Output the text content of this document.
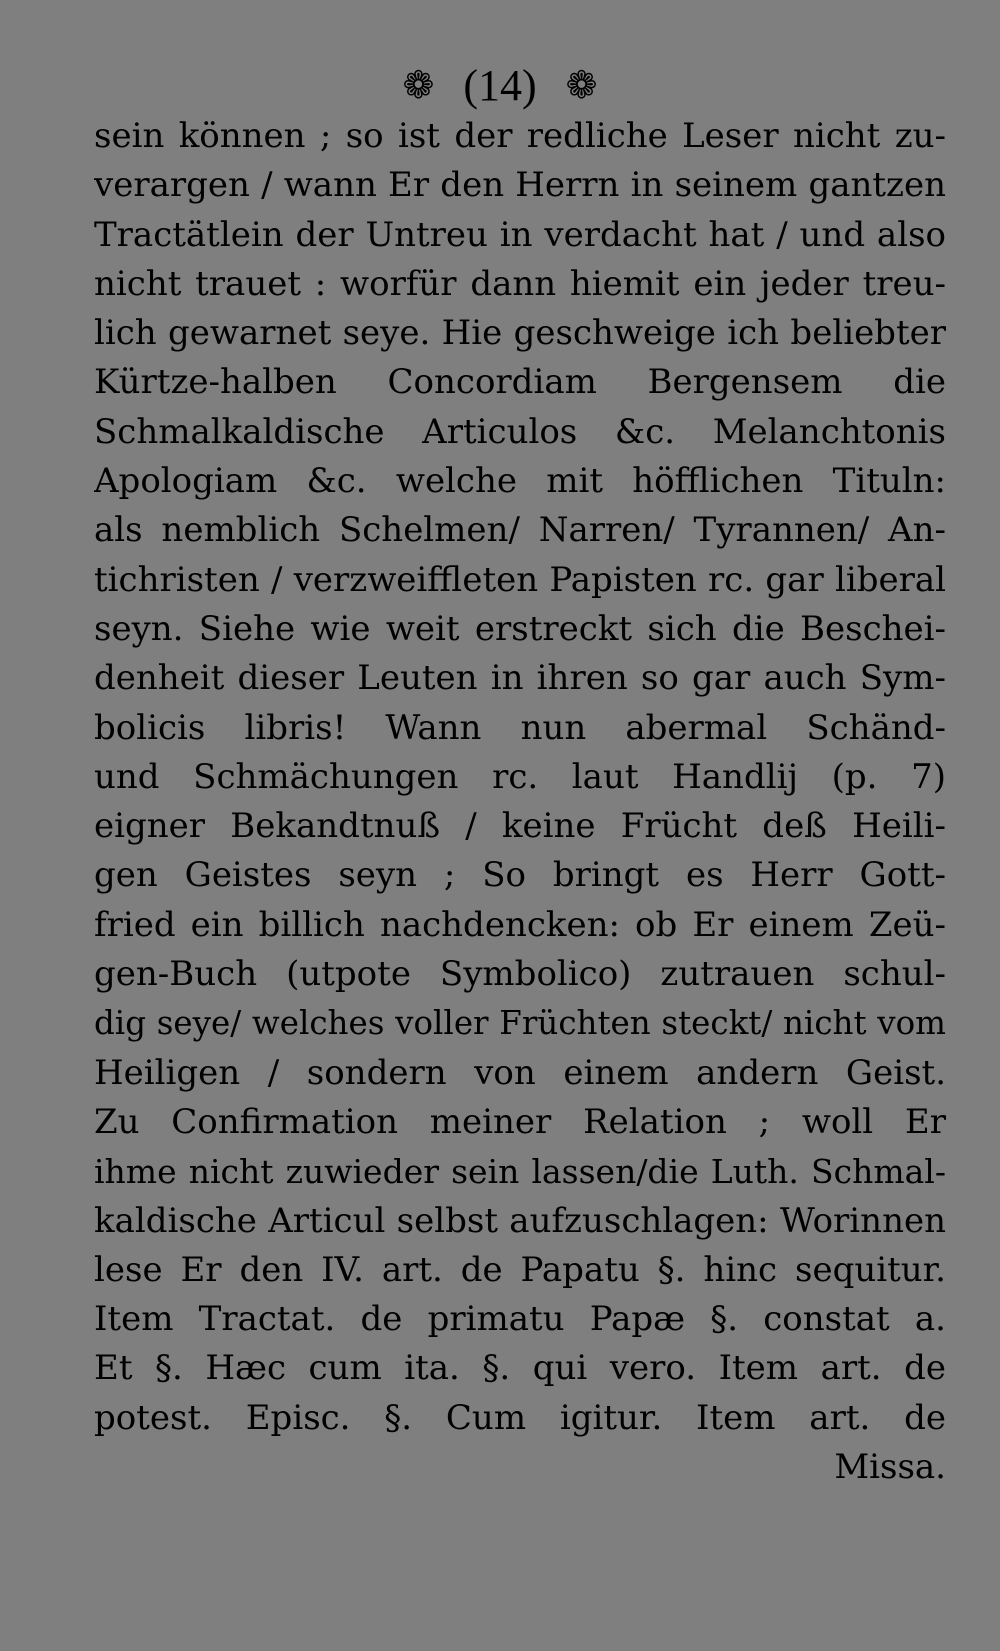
❁ (14) ❁
sein können ; so ist der redliche Leser nicht zu-
verargen / wann Er den Herrn in seinem gantzen
Tractätlein der Untreu in verdacht hat / und also
nicht trauet : worfür dann hiemit ein jeder treu-
lich gewarnet seye. Hie geschweige ich beliebter
Kürtze-halben Concordiam Bergensem die
Schmalkaldische Articulos &c. Melanchtonis
Apologiam &c. welche mit höfflichen Tituln:
als nemblich Schelmen/ Narren/ Tyrannen/ An-
tichristen / verzweiffleten Papisten rc. gar liberal
seyn. Siehe wie weit erstreckt sich die Beschei-
denheit dieser Leuten in ihren so gar auch Sym-
bolicis libris! Wann nun abermal Schänd-
und Schmächungen rc. laut Handlij (p. 7)
eigner Bekandtnuß / keine Frücht deß Heili-
gen Geistes seyn ; So bringt es Herr Gott-
fried ein billich nachdencken: ob Er einem Zeü-
gen-Buch (utpote Symbolico) zutrauen schul-
dig seye/ welches voller Früchten steckt/ nicht vom
Heiligen / sondern von einem andern Geist.
Zu Confirmation meiner Relation ; woll Er
ihme nicht zuwieder sein lassen/die Luth. Schmal-
kaldische Articul selbst aufzuschlagen: Worinnen
lese Er den IV. art. de Papatu §. hinc sequitur.
Item Tractat. de primatu Papæ §. constat a.
Et §. Hæc cum ita. §. qui vero. Item art. de
potest. Episc. §. Cum igitur. Item art. de
Missa.
